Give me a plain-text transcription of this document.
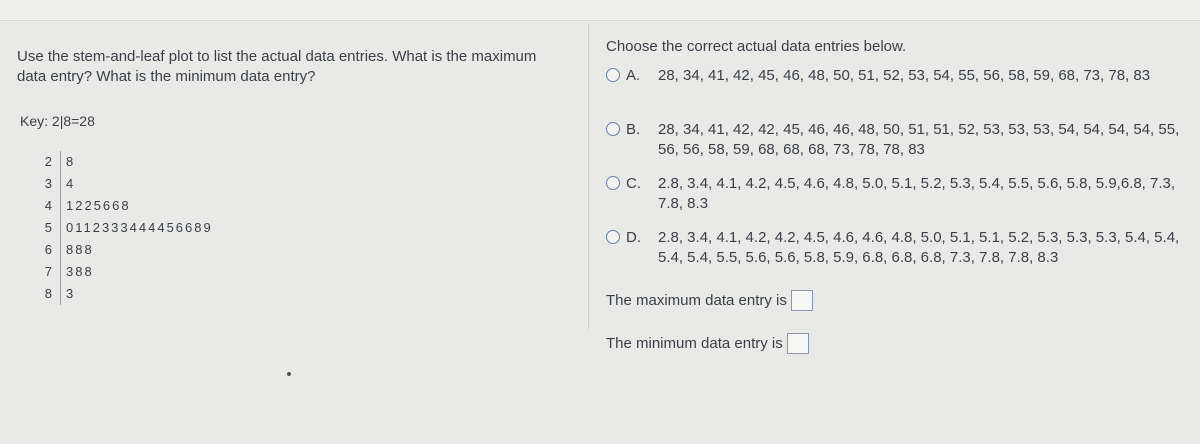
Use the stem-and-leaf plot to list the actual data entries. What is the maximum
data entry? What is the minimum data entry?
Key: 2|8=28
2 8
3 4
4 1225668
5 0112333444456689
6 888
7 388
8 3
Choose the correct actual data entries below.
A. 28, 34, 41, 42, 45, 46, 48, 50, 51, 52, 53, 54, 55, 56, 58, 59, 68, 73, 78, 83
B. 28, 34, 41, 42, 42, 45, 46, 46, 48, 50, 51, 51, 52, 53, 53, 53, 54, 54, 54, 54, 55, 56, 56, 58, 59, 68, 68, 68, 73, 78, 78, 83
C. 2.8, 3.4, 4.1, 4.2, 4.5, 4.6, 4.8, 5.0, 5.1, 5.2, 5.3, 5.4, 5.5, 5.6, 5.8, 5.9,6.8, 7.3, 7.8, 8.3
D. 2.8, 3.4, 4.1, 4.2, 4.2, 4.5, 4.6, 4.6, 4.8, 5.0, 5.1, 5.1, 5.2, 5.3, 5.3, 5.3, 5.4, 5.4, 5.4, 5.4, 5.5, 5.6, 5.6, 5.8, 5.9, 6.8, 6.8, 6.8, 7.3, 7.8, 7.8, 8.3
The maximum data entry is
The minimum data entry is
